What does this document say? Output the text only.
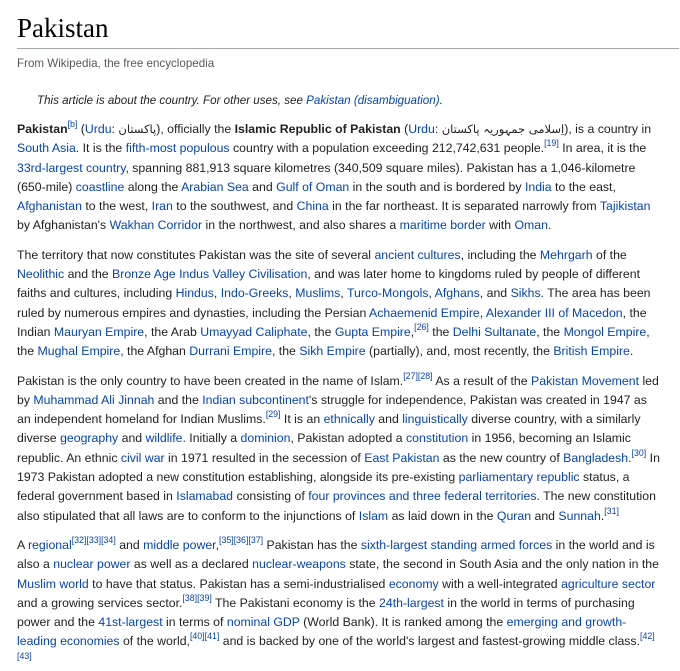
Pakistan
From Wikipedia, the free encyclopedia
This article is about the country. For other uses, see Pakistan (disambiguation).

Pakistan[b] (Urdu: پاکستان), officially the Islamic Republic of Pakistan (Urdu: اِسلامی جمہوریہ پاکستان), is a country in South Asia. It is the fifth-most populous country with a population exceeding 212,742,631 people.[19] In area, it is the 33rd-largest country, spanning 881,913 square kilometres (340,509 square miles). Pakistan has a 1,046-kilometre (650-mile) coastline along the Arabian Sea and Gulf of Oman in the south and is bordered by India to the east, Afghanistan to the west, Iran to the southwest, and China in the far northeast. It is separated narrowly from Tajikistan by Afghanistan's Wakhan Corridor in the northwest, and also shares a maritime border with Oman.

The territory that now constitutes Pakistan was the site of several ancient cultures, including the Mehrgarh of the Neolithic and the Bronze Age Indus Valley Civilisation, and was later home to kingdoms ruled by people of different faiths and cultures, including Hindus, Indo-Greeks, Muslims, Turco-Mongols, Afghans, and Sikhs. The area has been ruled by numerous empires and dynasties, including the Persian Achaemenid Empire, Alexander III of Macedon, the Indian Mauryan Empire, the Arab Umayyad Caliphate, the Gupta Empire,[26] the Delhi Sultanate, the Mongol Empire, the Mughal Empire, the Afghan Durrani Empire, the Sikh Empire (partially), and, most recently, the British Empire.

Pakistan is the only country to have been created in the name of Islam.[27][28] As a result of the Pakistan Movement led by Muhammad Ali Jinnah and the Indian subcontinent's struggle for independence, Pakistan was created in 1947 as an independent homeland for Indian Muslims.[29] It is an ethnically and linguistically diverse country, with a similarly diverse geography and wildlife. Initially a dominion, Pakistan adopted a constitution in 1956, becoming an Islamic republic. An ethnic civil war in 1971 resulted in the secession of East Pakistan as the new country of Bangladesh.[30] In 1973 Pakistan adopted a new constitution establishing, alongside its pre-existing parliamentary republic status, a federal government based in Islamabad consisting of four provinces and three federal territories. The new constitution also stipulated that all laws are to conform to the injunctions of Islam as laid down in the Quran and Sunnah.[31]

A regional[32][33][34] and middle power,[35][36][37] Pakistan has the sixth-largest standing armed forces in the world and is also a nuclear power as well as a declared nuclear-weapons state, the second in South Asia and the only nation in the Muslim world to have that status. Pakistan has a semi-industrialised economy with a well-integrated agriculture sector and a growing services sector.[38][39] The Pakistani economy is the 24th-largest in the world in terms of purchasing power and the 41st-largest in terms of nominal GDP (World Bank). It is ranked among the emerging and growth-leading economies of the world,[40][41] and is backed by one of the world's largest and fastest-growing middle class.[42][43]
